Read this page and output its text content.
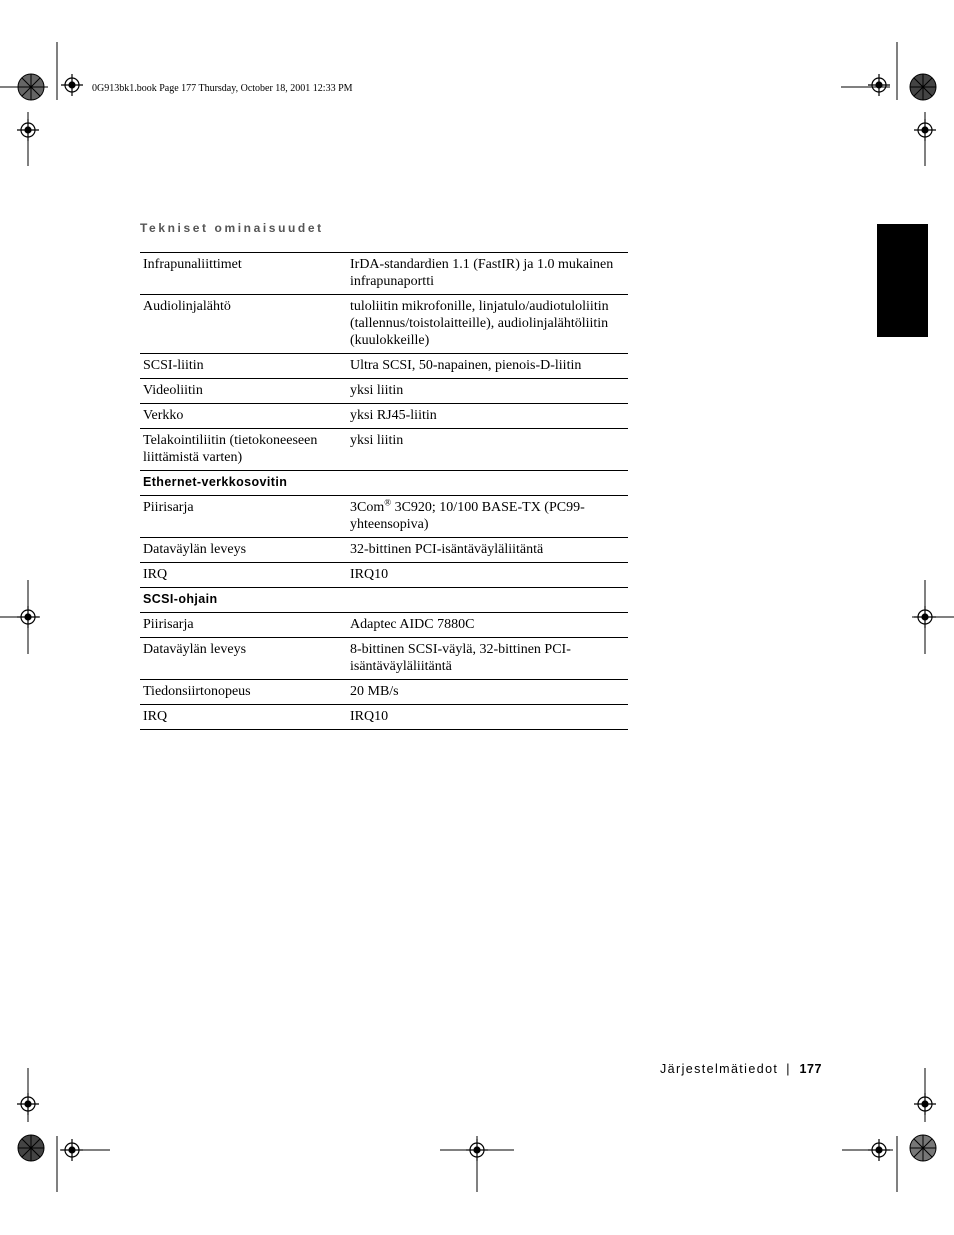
0G913bk1.book Page 177 Thursday, October 18, 2001 12:33 PM
Tekniset ominaisuudet
Infrapunaliittimet	IrDA-standardien 1.1 (FastIR) ja 1.0 mukainen infrapunaportti
Audiolinjalähtö	tuloliitin mikrofonille, linjatulo/audiotuloliitin (tallennus/toistolaitteille), audiolinjalähtöliitin (kuulokkeille)
SCSI-liitin	Ultra SCSI, 50-napainen, pienois-D-liitin
Videoliitin	yksi liitin
Verkko	yksi RJ45-liitin
Telakointiliitin (tietokoneeseen liittämistä varten)	yksi liitin
Ethernet-verkkosovitin	
Piirisarja	3Com® 3C920; 10/100 BASE-TX (PC99-yhteensopiva)
Dataväylän leveys	32-bittinen PCI-isäntäväyläliitäntä
IRQ	IRQ10
SCSI-ohjain	
Piirisarja	Adaptec AIDC 7880C
Dataväylän leveys	8-bittinen SCSI-väylä, 32-bittinen PCI-isäntäväyläliitäntä
Tiedonsiirtonopeus	20 MB/s
IRQ	IRQ10
Järjestelmätiedot | 177
